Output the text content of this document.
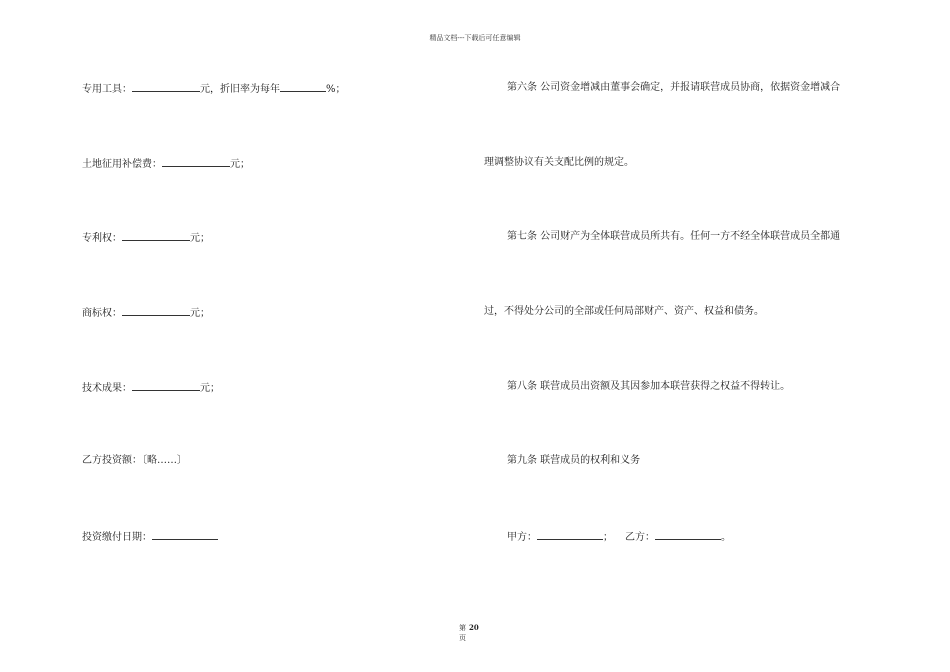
精品文档---下载后可任意编辑
专用工具：	元，折旧率为每年	%；
土地征用补偿费：	元；
专利权：	元；
商标权：	元；
技术成果：	元；
乙方投资额：〔略……〕
投资缴付日期：
第六条 公司资金增减由董事会确定，并报请联营成员协商，依据资金增减合
理调整协议有关支配比例的规定。
第七条 公司财产为全体联营成员所共有。任何一方不经全体联营成员全都通
过，不得处分公司的全部或任何局部财产、资产、权益和债务。
第八条 联营成员出资额及其因参加本联营获得之权益不得转让。
第九条 联营成员的权利和义务
甲方：	； 乙方：	。
第 20
页
